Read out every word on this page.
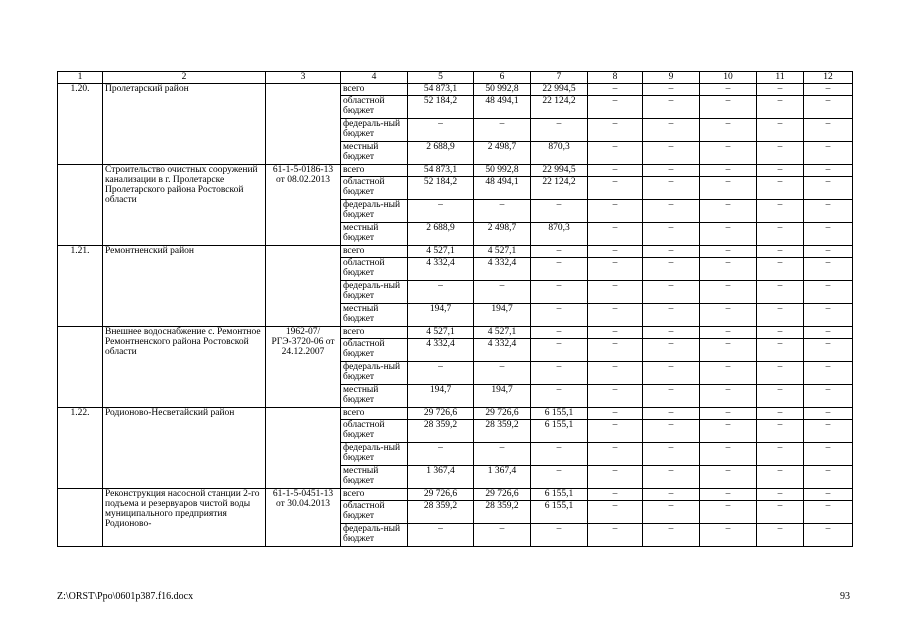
1	2	3	4	5	6	7	8	9	10	11	12
1.20.	Пролетарский район		всего	54 873,1	50 992,8	22 994,5	–	–	–	–	–
			областной бюджет	52 184,2	48 494,1	22 124,2	–	–	–	–	–
			федераль-ный бюджет	–	–	–	–	–	–	–	–
			местный бюджет	2 688,9	2 498,7	870,3	–	–	–	–	–
	Строительство очистных сооружений канализации в г. Пролетарске Пролетарского района Ростовской области	61-1-5-0186-13 от 08.02.2013	всего	54 873,1	50 992,8	22 994,5	–	–	–	–	–
			областной бюджет	52 184,2	48 494,1	22 124,2	–	–	–	–	–
			федераль-ный бюджет	–	–	–	–	–	–	–	–
			местный бюджет	2 688,9	2 498,7	870,3	–	–	–	–	–
1.21.	Ремонтненский район		всего	4 527,1	4 527,1	–	–	–	–	–	–
			областной бюджет	4 332,4	4 332,4	–	–	–	–	–	–
			федераль-ный бюджет	–	–	–	–	–	–	–	–
			местный бюджет	194,7	194,7	–	–	–	–	–	–
	Внешнее водоснабжение с. Ремонтное Ремонтненского района Ростовской области	1962-07/РГЭ-3720-06 от 24.12.2007	всего	4 527,1	4 527,1	–	–	–	–	–	–
			областной бюджет	4 332,4	4 332,4	–	–	–	–	–	–
			федераль-ный бюджет	–	–	–	–	–	–	–	–
			местный бюджет	194,7	194,7	–	–	–	–	–	–
1.22.	Родионово-Несветайский район		всего	29 726,6	29 726,6	6 155,1	–	–	–	–	–
			областной бюджет	28 359,2	28 359,2	6 155,1	–	–	–	–	–
			федераль-ный бюджет	–	–	–	–	–	–	–	–
			местный бюджет	1 367,4	1 367,4	–	–	–	–	–	–
	Реконструкция насосной станции 2-го подъема и резервуаров чистой воды муниципального предприятия Родионово-	61-1-5-0451-13 от 30.04.2013	всего	29 726,6	29 726,6	6 155,1	–	–	–	–	–
			областной бюджет	28 359,2	28 359,2	6 155,1	–	–	–	–	–
			федераль-ный бюджет	–	–	–	–	–	–	–	–
Z:\ORST\Ppo\0601p387.f16.docx	93
